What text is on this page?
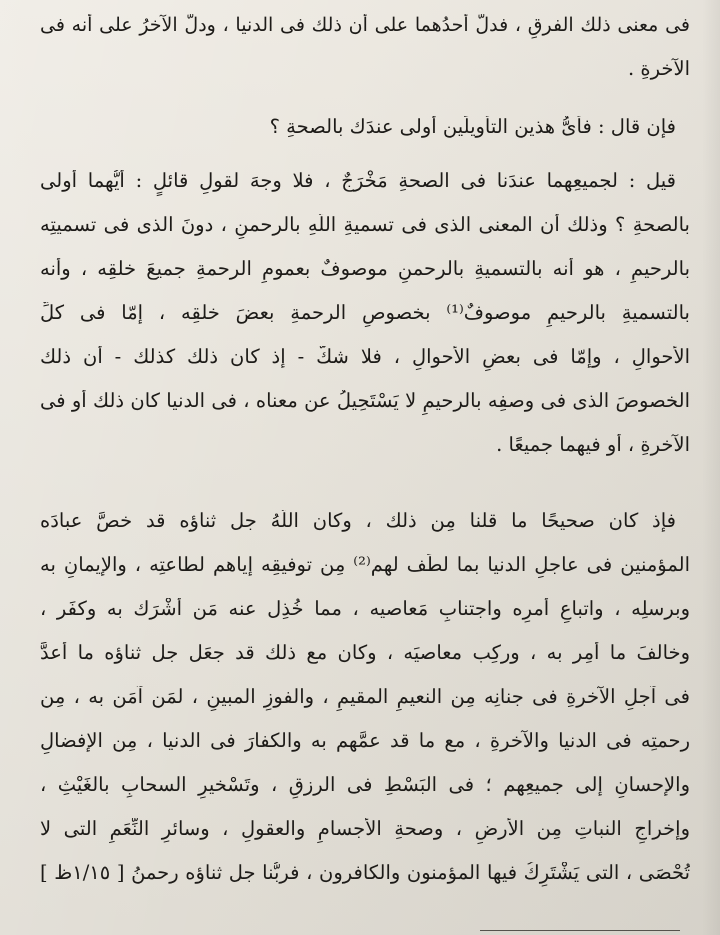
فى معنى ذلك الفرقِ ، فدلّ أحدُهما على أن ذلك فى الدنيا ، ودلَّ الآخرُ على أنه فى
الآخرةِ .
فإن قال : فأىُّ هذين التأويلَين أولى عندَك بالصحةِ ؟
قيل : لجميعِهما عندَنا فى الصحةِ مَخْرَجٌ ، فلا وجهَ لقولِ قائلٍ : أيُّهما أولى
بالصحةِ ؟ وذلك أن المعنى الذى فى تسميةِ اللَّهِ بالرحمنِ ، دونَ الذى فى تسميتِه
بالرحيمِ ، هو أنه بالتسميةِ بالرحمنِ موصوفٌ بعمومِ الرحمةِ جميعَ خلقِه ، وأنه
بالتسميةِ بالرحيمِ موصوفٌ⁽¹⁾ بخصوصِ الرحمةِ بعضَ خلقِه ، إمّا فى كلِّ
الأحوالِ ، وإمّا فى بعضِ الأحوالِ ، فلا شكَّ - إذ كان ذلك كذلك - أن ذلك
الخصوصَ الذى فى وصفِه بالرحيمِ لا يَسْتَحِيلُ عن معناه ، فى الدنيا كان ذلك أو فى
الآخرةِ ، أو فيهما جميعًا .
فإذ كان صحيحًا ما قلنا مِن ذلك ، وكان اللَّهُ جل ثناؤه قد خصَّ عبادَه
المؤمنين فى عاجلِ الدنيا بما لطَف لهم⁽²⁾ مِن توفيقِه إياهم لطاعتِه ، والإيمانِ به
وبرسلِه ، واتباعِ أمرِه واجتنابِ مَعاصيه ، مما خُذِل عنه مَن أشْرَك به وكفَر ،
وخالفَ ما أُمِر به ، وركِب معاصيَه ، وكان مع ذلك قد جعَل جل ثناؤه ما أعدَّ
فى آجلِ الآخرةِ فى جنانِه مِن النعيمِ المقيمِ ، والفوزِ المبينِ ، لمَن آمَن به ، مِن
رحمتِه فى الدنيا والآخرةِ ، مع ما قد عمَّهم به والكفارَ فى الدنيا ، مِن الإفضالِ
والإحسانِ إلى جميعِهم ؛ فى البَسْطِ فى الرزقِ ، وتَسْخيرِ السحابِ بالغَيْثِ ،
وإخراجِ النباتِ مِن الأرضِ ، وصحةِ الأجسامِ والعقولِ ، وسائرِ النِّعَمِ التى لا
تُحْصَى ، التى يَشْتَرِكُ فيها المؤمنون والكافرون ، فربُّنا جل ثناؤه رحمنُ [ ١/١٥ظ ]
